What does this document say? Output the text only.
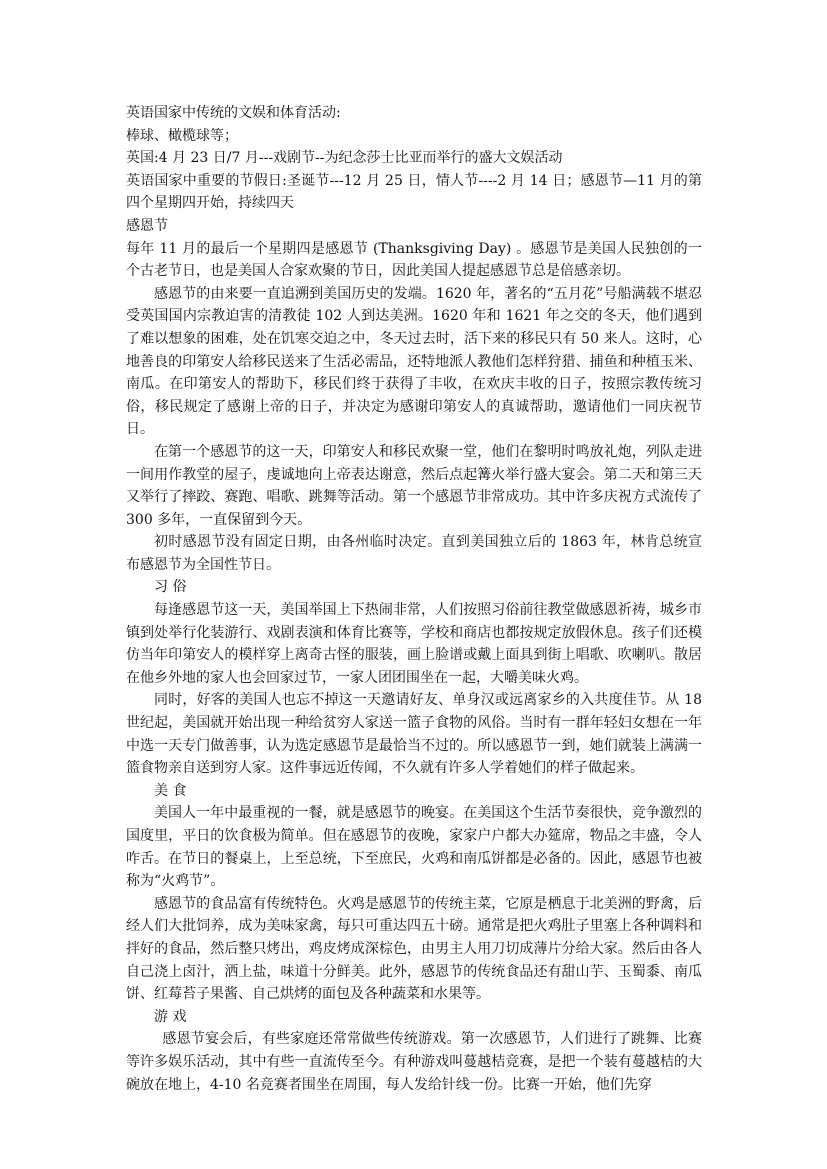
英语国家中传统的文娱和体育活动:

棒球、橄榄球等；

英国:4 月 23 日/7 月---戏剧节--为纪念莎士比亚而举行的盛大文娱活动

英语国家中重要的节假日:圣诞节---12 月 25 日，情人节----2 月 14 日；感恩节—11 月的第四个星期四开始，持续四天

感恩节

每年 11 月的最后一个星期四是感恩节 (Thanksgiving Day) 。感恩节是美国人民独创的一个古老节日，也是美国人合家欢聚的节日，因此美国人提起感恩节总是倍感亲切。

感恩节的由来要一直追溯到美国历史的发端。1620 年，著名的“五月花”号船满载不堪忍受英国国内宗教迫害的清教徒 102 人到达美洲。1620 年和 1621 年之交的冬天，他们遇到了难以想象的困难，处在饥寒交迫之中，冬天过去时，活下来的移民只有 50 来人。这时，心地善良的印第安人给移民送来了生活必需品，还特地派人教他们怎样狩猎、捕鱼和种植玉米、南瓜。在印第安人的帮助下，移民们终于获得了丰收，在欢庆丰收的日子，按照宗教传统习俗，移民规定了感谢上帝的日子，并决定为感谢印第安人的真诚帮助，邀请他们一同庆祝节日。

在第一个感恩节的这一天，印第安人和移民欢聚一堂，他们在黎明时鸣放礼炮，列队走进一间用作教堂的屋子，虔诚地向上帝表达谢意，然后点起篝火举行盛大宴会。第二天和第三天又举行了摔跤、赛跑、唱歌、跳舞等活动。第一个感恩节非常成功。其中许多庆祝方式流传了 300 多年，一直保留到今天。

初时感恩节没有固定日期，由各州临时决定。直到美国独立后的 1863 年，林肯总统宣布感恩节为全国性节日。

习 俗

每逢感恩节这一天，美国举国上下热闹非常，人们按照习俗前往教堂做感恩祈祷，城乡市镇到处举行化装游行、戏剧表演和体育比赛等，学校和商店也都按规定放假休息。孩子们还模仿当年印第安人的模样穿上离奇古怪的服装，画上脸谱或戴上面具到街上唱歌、吹喇叭。散居在他乡外地的家人也会回家过节，一家人团团围坐在一起，大嚼美味火鸡。

同时，好客的美国人也忘不掉这一天邀请好友、单身汉或远离家乡的入共度佳节。从 18 世纪起，美国就开始出现一种给贫穷人家送一篮子食物的风俗。当时有一群年轻妇女想在一年中选一天专门做善事，认为选定感恩节是最恰当不过的。所以感恩节一到，她们就装上满满一篮食物亲自送到穷人家。这件事远近传闻，不久就有许多人学着她们的样子做起来。

美 食

美国人一年中最重视的一餐，就是感恩节的晚宴。在美国这个生活节奏很快，竞争激烈的国度里，平日的饮食极为简单。但在感恩节的夜晚，家家户户都大办筵席，物品之丰盛，令人咋舌。在节日的餐桌上，上至总统，下至庶民，火鸡和南瓜饼都是必备的。因此，感恩节也被称为“火鸡节”。

感恩节的食品富有传统特色。火鸡是感恩节的传统主菜，它原是栖息于北美洲的野禽，后经人们大批饲养，成为美味家禽，每只可重达四五十磅。通常是把火鸡肚子里塞上各种调料和拌好的食品，然后整只烤出，鸡皮烤成深棕色，由男主人用刀切成薄片分给大家。然后由各人自己浇上卤汁，洒上盐，味道十分鲜美。此外，感恩节的传统食品还有甜山芋、玉蜀黍、南瓜饼、红莓苔子果酱、自己烘烤的面包及各种蔬菜和水果等。

游 戏

感恩节宴会后，有些家庭还常常做些传统游戏。第一次感恩节，人们进行了跳舞、比赛等许多娱乐活动，其中有些一直流传至今。有种游戏叫蔓越桔竞赛，是把一个装有蔓越桔的大碗放在地上，4-10 名竞赛者围坐在周围，每人发给针线一份。比赛一开始，他们先穿
